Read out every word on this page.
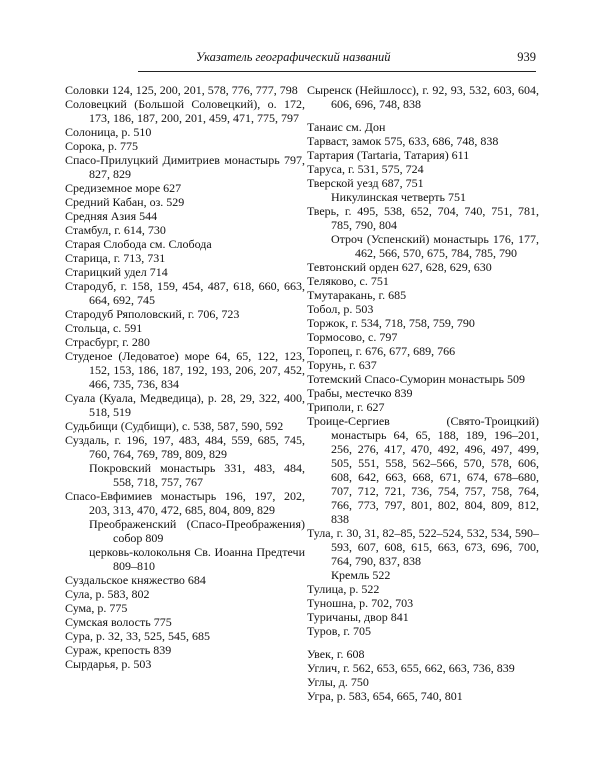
Указатель географический названий	939
Соловки 124, 125, 200, 201, 578, 776, 777, 798
Соловецкий (Большой Соловецкий), о. 172, 173, 186, 187, 200, 201, 459, 471, 775, 797
Солоница, р. 510
Сорока, р. 775
Спасо-Прилуцкий Димитриев монастырь 797, 827, 829
Средиземное море 627
Средний Кабан, оз. 529
Средняя Азия 544
Стамбул, г. 614, 730
Старая Слобода см. Слобода
Старица, г. 713, 731
Старицкий удел 714
Стародуб, г. 158, 159, 454, 487, 618, 660, 663, 664, 692, 745
Стародуб Ряполовский, г. 706, 723
Стольца, с. 591
Страсбург, г. 280
Студеное (Ледоватое) море 64, 65, 122, 123, 152, 153, 186, 187, 192, 193, 206, 207, 452, 466, 735, 736, 834
Суала (Куала, Медведица), р. 28, 29, 322, 400, 518, 519
Судьбищи (Судбищи), с. 538, 587, 590, 592
Суздаль, г. 196, 197, 483, 484, 559, 685, 745, 760, 764, 769, 789, 809, 829
Покровский монастырь 331, 483, 484, 558, 718, 757, 767
Спасо-Евфимиев монастырь 196, 197, 202, 203, 313, 470, 472, 685, 804, 809, 829
Преображенский (Спасо-Преображения) собор 809
церковь-колокольня Св. Иоанна Предтечи 809–810
Суздальское княжество 684
Сула, р. 583, 802
Сума, р. 775
Сумская волость 775
Сура, р. 32, 33, 525, 545, 685
Сураж, крепость 839
Сырдарья, р. 503
Сыренск (Нейшлосс), г. 92, 93, 532, 603, 604, 606, 696, 748, 838
Танаис см. Дон
Тарваст, замок 575, 633, 686, 748, 838
Тартария (Tartaria, Татария) 611
Таруса, г. 531, 575, 724
Тверской уезд 687, 751
Никулинская четверть 751
Тверь, г. 495, 538, 652, 704, 740, 751, 781, 785, 790, 804
Отроч (Успенский) монастырь 176, 177, 462, 566, 570, 675, 784, 785, 790
Тевтонский орден 627, 628, 629, 630
Теляково, с. 751
Тмутаракань, г. 685
Тобол, р. 503
Торжок, г. 534, 718, 758, 759, 790
Тормосово, с. 797
Торопец, г. 676, 677, 689, 766
Торунь, г. 637
Тотемский Спасо-Суморин монастырь 509
Трабы, местечко 839
Триполи, г. 627
Троице-Сергиев (Свято-Троицкий) монастырь 64, 65, 188, 189, 196–201, 256, 276, 417, 470, 492, 496, 497, 499, 505, 551, 558, 562–566, 570, 578, 606, 608, 642, 663, 668, 671, 674, 678–680, 707, 712, 721, 736, 754, 757, 758, 764, 766, 773, 797, 801, 802, 804, 809, 812, 838
Тула, г. 30, 31, 82–85, 522–524, 532, 534, 590–593, 607, 608, 615, 663, 673, 696, 700, 764, 790, 837, 838
Кремль 522
Тулица, р. 522
Туношна, р. 702, 703
Туричаны, двор 841
Туров, г. 705
Увек, г. 608
Углич, г. 562, 653, 655, 662, 663, 736, 839
Углы, д. 750
Угра, р. 583, 654, 665, 740, 801
